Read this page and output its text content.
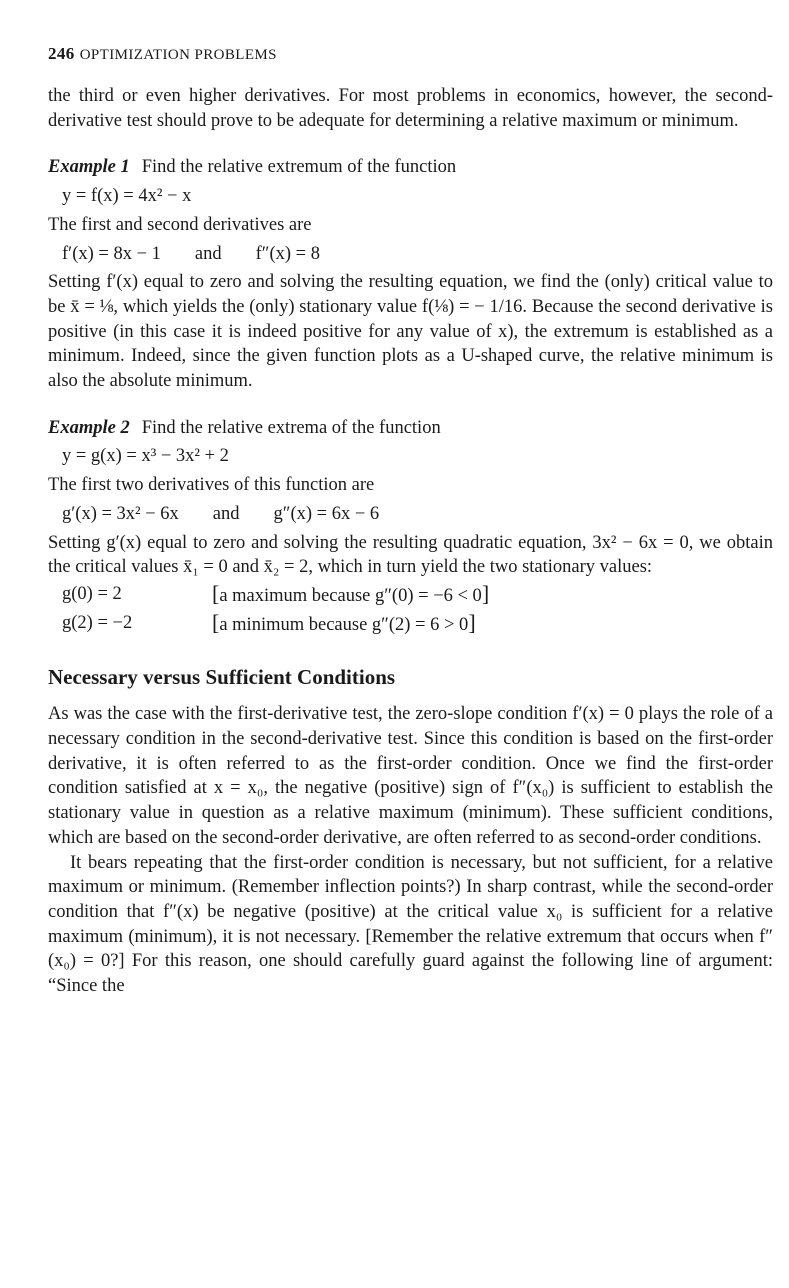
246 OPTIMIZATION PROBLEMS

the third or even higher derivatives. For most problems in economics, however, the second-derivative test should prove to be adequate for determining a relative maximum or minimum.

Example 1 Find the relative extremum of the function

y = f(x) = 4x² − x

The first and second derivatives are

f′(x) = 8x − 1 and f″(x) = 8

Setting f′(x) equal to zero and solving the resulting equation, we find the (only) critical value to be x̄ = ⅛, which yields the (only) stationary value f(⅛) = − 1/16. Because the second derivative is positive (in this case it is indeed positive for any value of x), the extremum is established as a minimum. Indeed, since the given function plots as a U-shaped curve, the relative minimum is also the absolute minimum.

Example 2 Find the relative extrema of the function

y = g(x) = x³ − 3x² + 2

The first two derivatives of this function are

g′(x) = 3x² − 6x and g″(x) = 6x − 6

Setting g′(x) equal to zero and solving the resulting quadratic equation, 3x² − 6x = 0, we obtain the critical values x̄₁ = 0 and x̄₂ = 2, which in turn yield the two stationary values:

g(0) = 2	[a maximum because g″(0) = −6 < 0]
g(2) = −2	[a minimum because g″(2) = 6 > 0]
Necessary versus Sufficient Conditions

As was the case with the first-derivative test, the zero-slope condition f′(x) = 0 plays the role of a necessary condition in the second-derivative test. Since this condition is based on the first-order derivative, it is often referred to as the first-order condition. Once we find the first-order condition satisfied at x = x₀, the negative (positive) sign of f″(x₀) is sufficient to establish the stationary value in question as a relative maximum (minimum). These sufficient conditions, which are based on the second-order derivative, are often referred to as second-order conditions.

It bears repeating that the first-order condition is necessary, but not sufficient, for a relative maximum or minimum. (Remember inflection points?) In sharp contrast, while the second-order condition that f″(x) be negative (positive) at the critical value x₀ is sufficient for a relative maximum (minimum), it is not necessary. [Remember the relative extremum that occurs when f″(x₀) = 0?] For this reason, one should carefully guard against the following line of argument: “Since the
